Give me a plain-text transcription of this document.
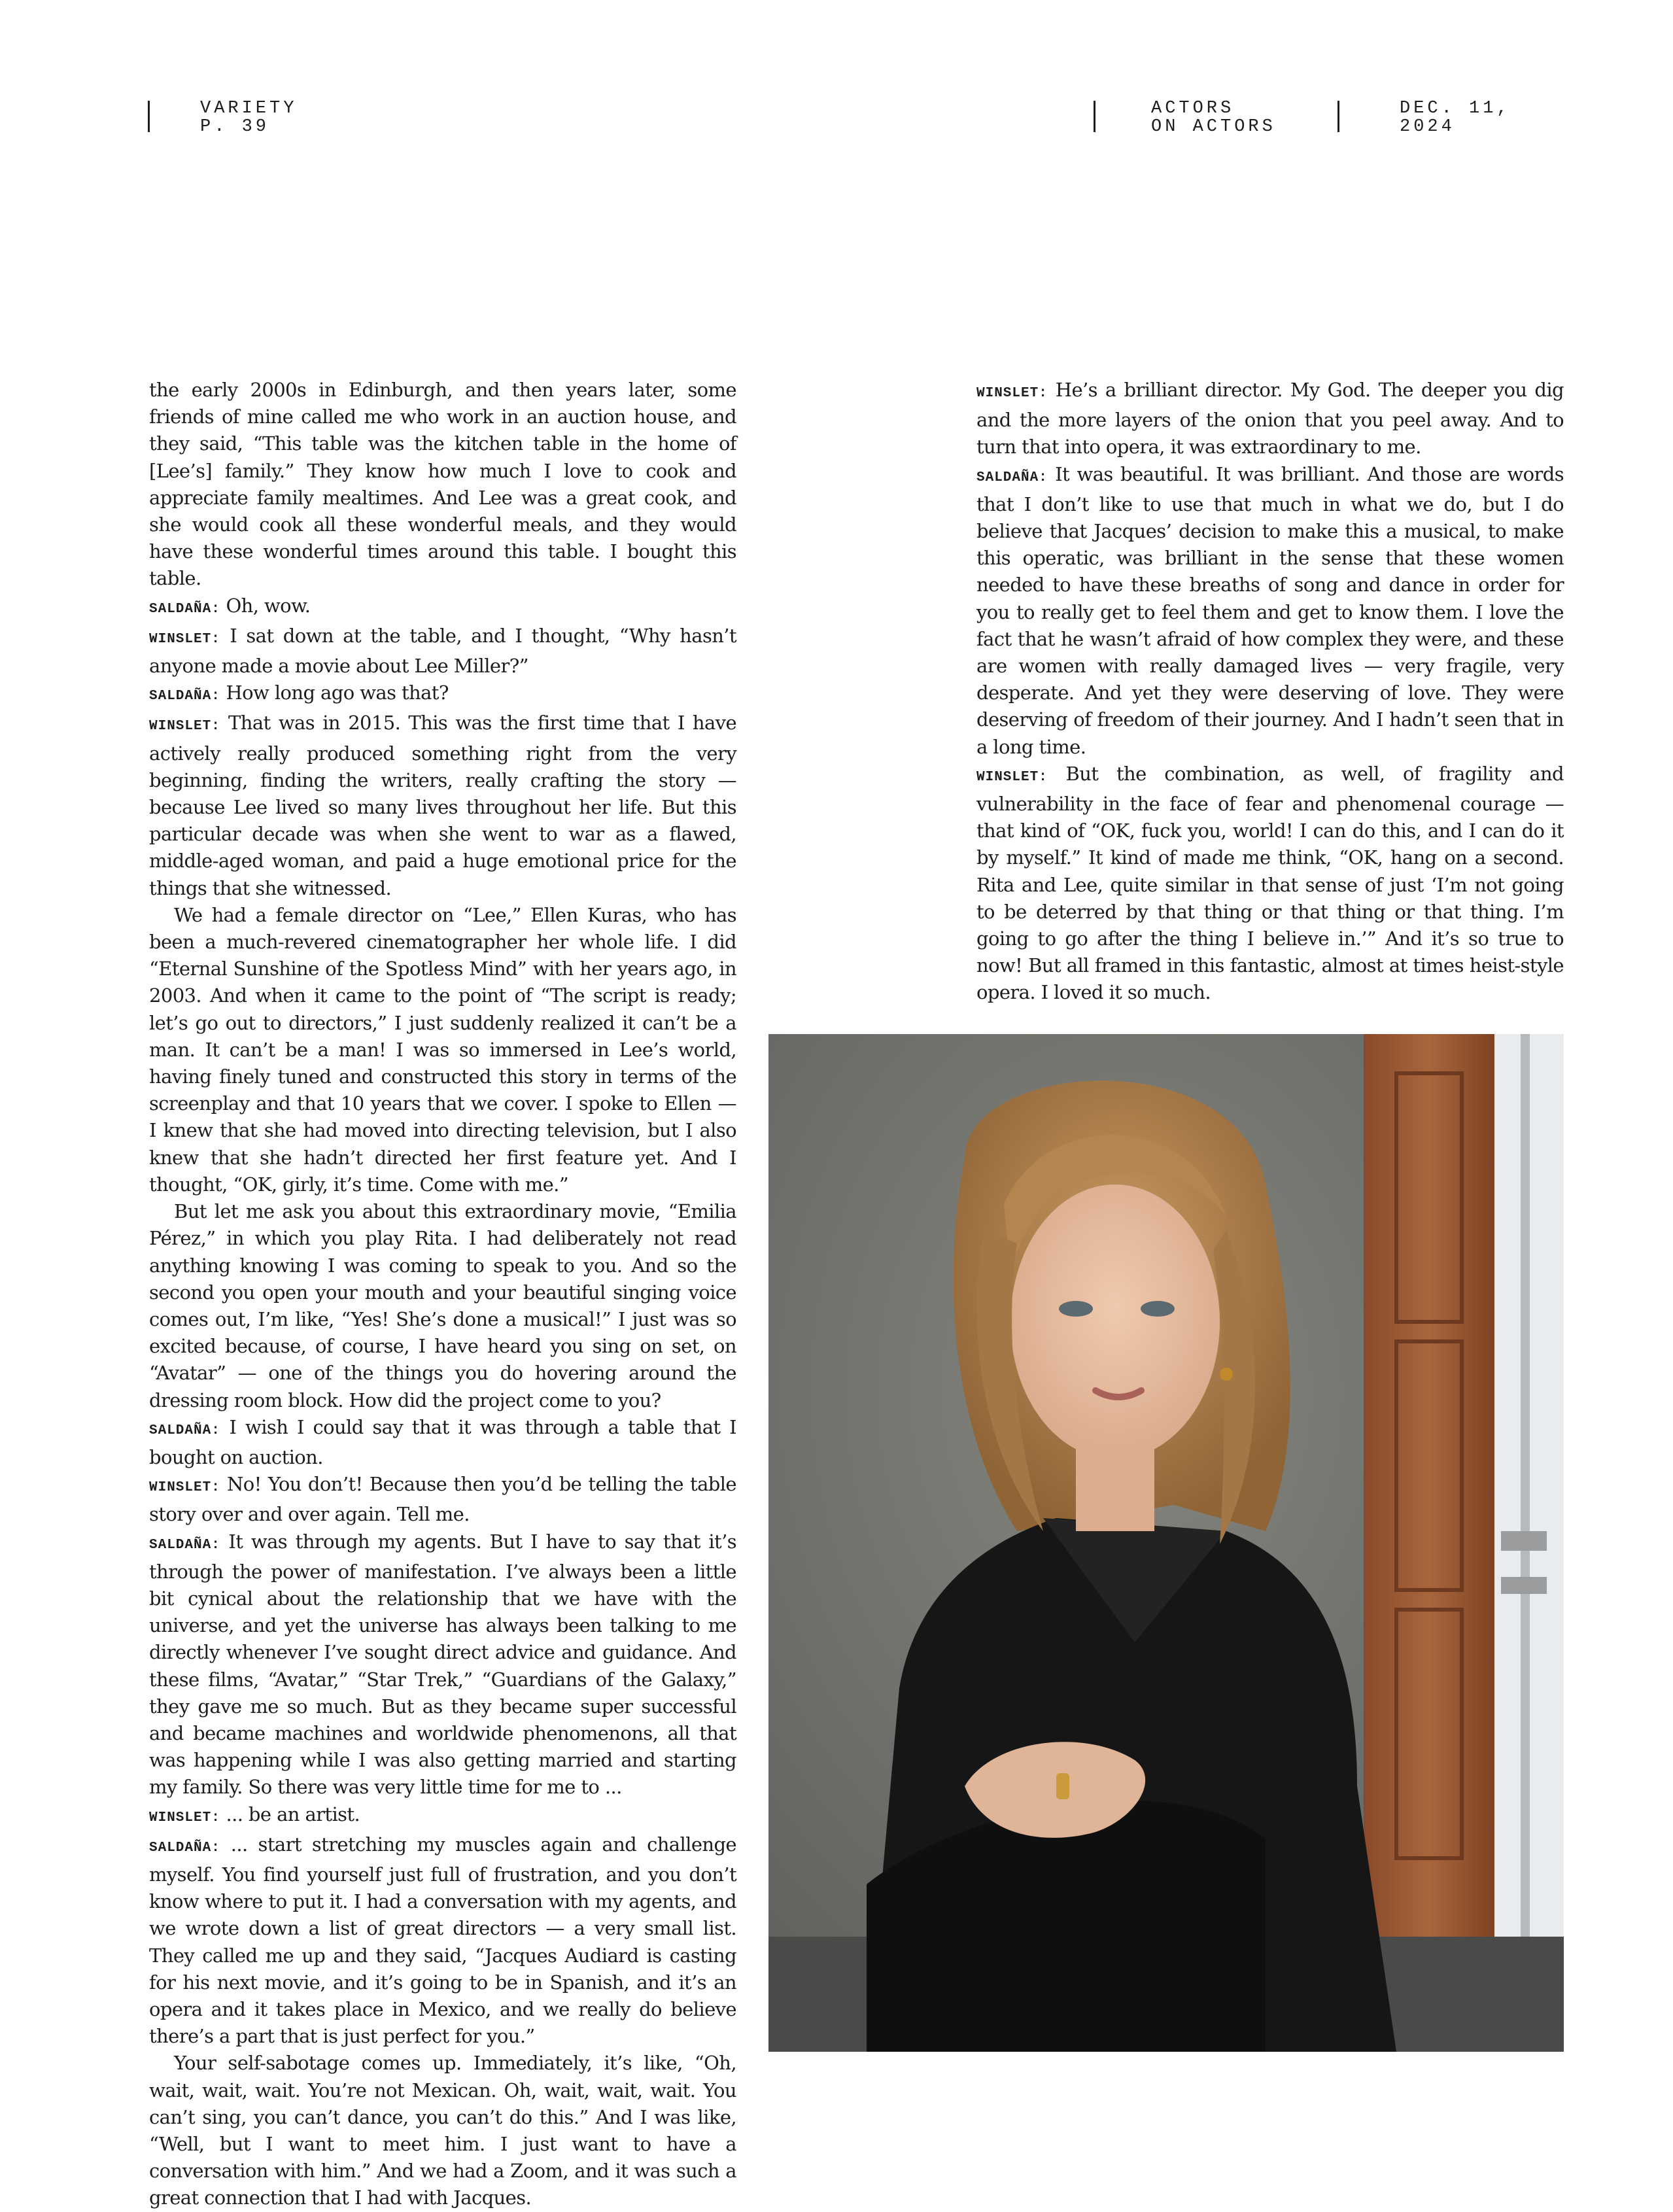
VARIETY
P. 39
ACTORS
ON ACTORS
DEC. 11,
2024

the early 2000s in Edinburgh, and then years later, some friends of mine called me who work in an auction house, and they said, “This table was the kitchen table in the home of [Lee’s] family.” They know how much I love to cook and appreciate family mealtimes. And Lee was a great cook, and she would cook all these wonderful meals, and they would have these wonderful times around this table. I bought this table.

SALDAÑA: Oh, wow.

WINSLET: I sat down at the table, and I thought, “Why hasn’t anyone made a movie about Lee Miller?”

SALDAÑA: How long ago was that?

WINSLET: That was in 2015. This was the first time that I have actively really produced something right from the very beginning, finding the writers, really crafting the story — because Lee lived so many lives throughout her life. But this particular decade was when she went to war as a flawed, middle-aged woman, and paid a huge emotional price for the things that she witnessed.

We had a female director on “Lee,” Ellen Kuras, who has been a much-revered cinematographer her whole life. I did “Eternal Sunshine of the Spotless Mind” with her years ago, in 2003. And when it came to the point of “The script is ready; let’s go out to directors,” I just suddenly realized it can’t be a man. It can’t be a man! I was so immersed in Lee’s world, having finely tuned and constructed this story in terms of the screenplay and that 10 years that we cover. I spoke to Ellen — I knew that she had moved into directing television, but I also knew that she hadn’t directed her first feature yet. And I thought, “OK, girly, it’s time. Come with me.”

But let me ask you about this extraordinary movie, “Emilia Pérez,” in which you play Rita. I had deliberately not read anything knowing I was coming to speak to you. And so the second you open your mouth and your beautiful singing voice comes out, I’m like, “Yes! She’s done a musical!” I just was so excited because, of course, I have heard you sing on set, on “Avatar” — one of the things you do hovering around the dressing room block. How did the project come to you?

SALDAÑA: I wish I could say that it was through a table that I bought on auction.

WINSLET: No! You don’t! Because then you’d be telling the table story over and over again. Tell me.

SALDAÑA: It was through my agents. But I have to say that it’s through the power of manifestation. I’ve always been a little bit cynical about the relationship that we have with the universe, and yet the universe has always been talking to me directly whenever I’ve sought direct advice and guidance. And these films, “Avatar,” “Star Trek,” “Guardians of the Galaxy,” they gave me so much. But as they became super successful and became machines and worldwide phenomenons, all that was happening while I was also getting married and starting my family. So there was very little time for me to ...

WINSLET: ... be an artist.

SALDAÑA: ... start stretching my muscles again and challenge myself. You find yourself just full of frustration, and you don’t know where to put it. I had a conversation with my agents, and we wrote down a list of great directors — a very small list. They called me up and they said, “Jacques Audiard is casting for his next movie, and it’s going to be in Spanish, and it’s an opera and it takes place in Mexico, and we really do believe there’s a part that is just perfect for you.”

Your self-sabotage comes up. Immediately, it’s like, “Oh, wait, wait, wait. You’re not Mexican. Oh, wait, wait, wait. You can’t sing, you can’t dance, you can’t do this.” And I was like, “Well, but I want to meet him. I just want to have a conversation with him.” And we had a Zoom, and it was such a great connection that I had with Jacques.

WINSLET: He’s a brilliant director. My God. The deeper you dig and the more layers of the onion that you peel away. And to turn that into opera, it was extraordinary to me.

SALDAÑA: It was beautiful. It was brilliant. And those are words that I don’t like to use that much in what we do, but I do believe that Jacques’ decision to make this a musical, to make this operatic, was brilliant in the sense that these women needed to have these breaths of song and dance in order for you to really get to feel them and get to know them. I love the fact that he wasn’t afraid of how complex they were, and these are women with really damaged lives — very fragile, very desperate. And yet they were deserving of love. They were deserving of freedom of their journey. And I hadn’t seen that in a long time.

WINSLET: But the combination, as well, of fragility and vulnerability in the face of fear and phenomenal courage — that kind of “OK, fuck you, world! I can do this, and I can do it by myself.” It kind of made me think, “OK, hang on a second. Rita and Lee, quite similar in that sense of just ‘I’m not going to be deterred by that thing or that thing or that thing. I’m going to go after the thing I believe in.’” And it’s so true to now! But all framed in this fantastic, almost at times heist-style opera. I loved it so much.
